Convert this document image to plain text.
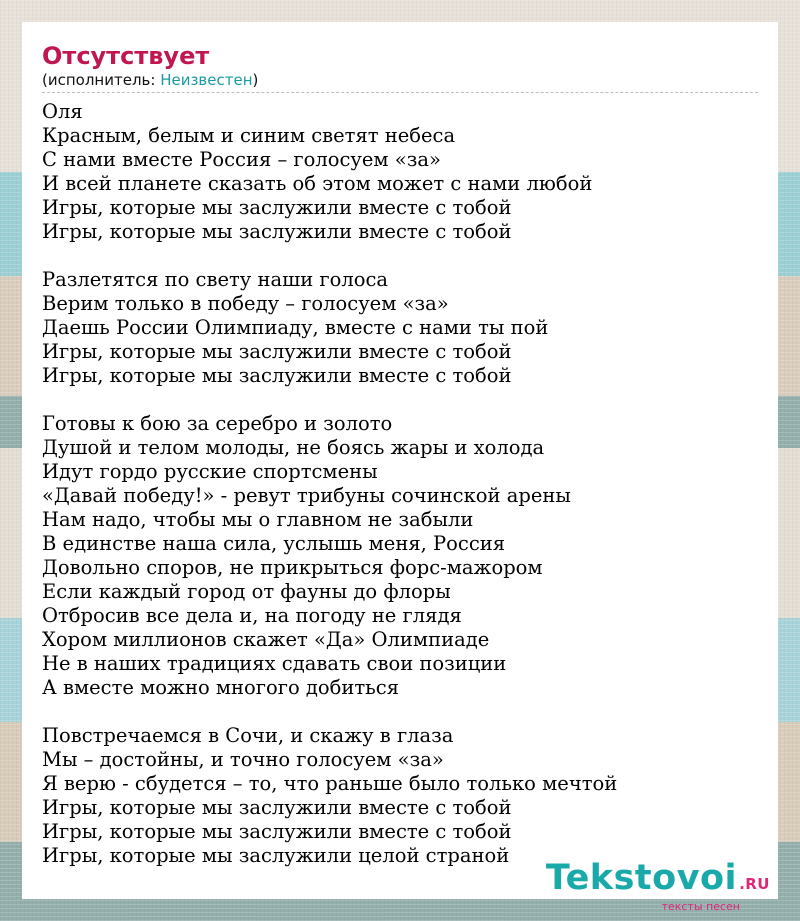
Отсутствует
(исполнитель: Неизвестен)
Оля
Красным, белым и синим светят небеса
С нами вместе Россия – голосуем «за»
И всей планете сказать об этом может с нами любой
Игры, которые мы заслужили вместе с тобой
Игры, которые мы заслужили вместе с тобой
Разлетятся по свету наши голоса
Верим только в победу – голосуем «за»
Даешь России Олимпиаду, вместе с нами ты пой
Игры, которые мы заслужили вместе с тобой
Игры, которые мы заслужили вместе с тобой
Готовы к бою за серебро и золото
Душой и телом молоды, не боясь жары и холода
Идут гордо русские спортсмены
«Давай победу!» - ревут трибуны сочинской арены
Нам надо, чтобы мы о главном не забыли
В единстве наша сила, услышь меня, Россия
Довольно споров, не прикрыться форс-мажором
Если каждый город от фауны до флоры
Отбросив все дела и, на погоду не глядя
Хором миллионов скажет «Да» Олимпиаде
Не в наших традициях сдавать свои позиции
А вместе можно многого добиться
Повстречаемся в Сочи, и скажу в глаза
Мы – достойны, и точно голосуем «за»
Я верю - сбудется – то, что раньше было только мечтой
Игры, которые мы заслужили вместе с тобой
Игры, которые мы заслужили вместе с тобой
Игры, которые мы заслужили целой страной
Tekstovoi .RU
тексты песен
